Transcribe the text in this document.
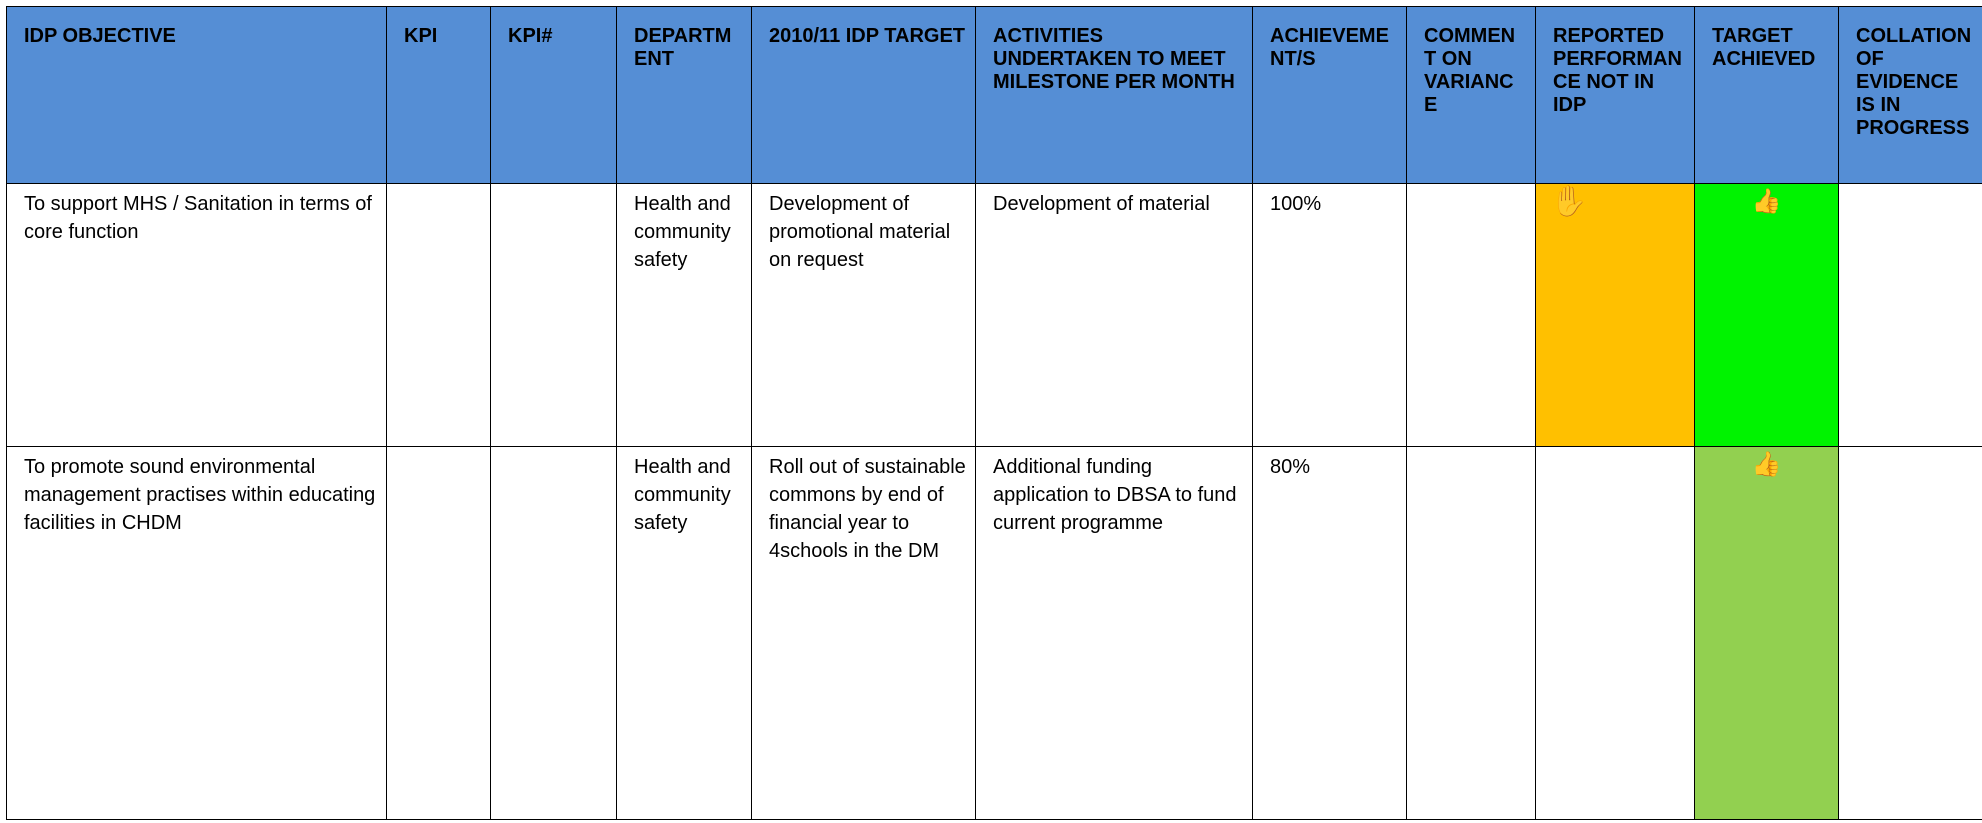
IDP OBJECTIVE	KPI	KPI#	DEPARTM ENT	2010/11 IDP TARGET	ACTIVITIES UNDERTAKEN TO MEET MILESTONE PER MONTH	ACHIEVEME NT/S	COMMEN T ON VARIANC E	REPORTED PERFORMAN CE NOT IN IDP	TARGET ACHIEVED	COLLATION OF EVIDENCE IS IN PROGRESS

To support MHS / Sanitation in terms of core function			Health and community safety	Development of promotional material on request	Development of material	100%		✋	👍	

To promote sound environmental management practises within educating facilities in CHDM			Health and community safety	Roll out of sustainable commons by end of financial year to 4schools in the DM	Additional funding application to DBSA to fund current programme	80%			👍	
